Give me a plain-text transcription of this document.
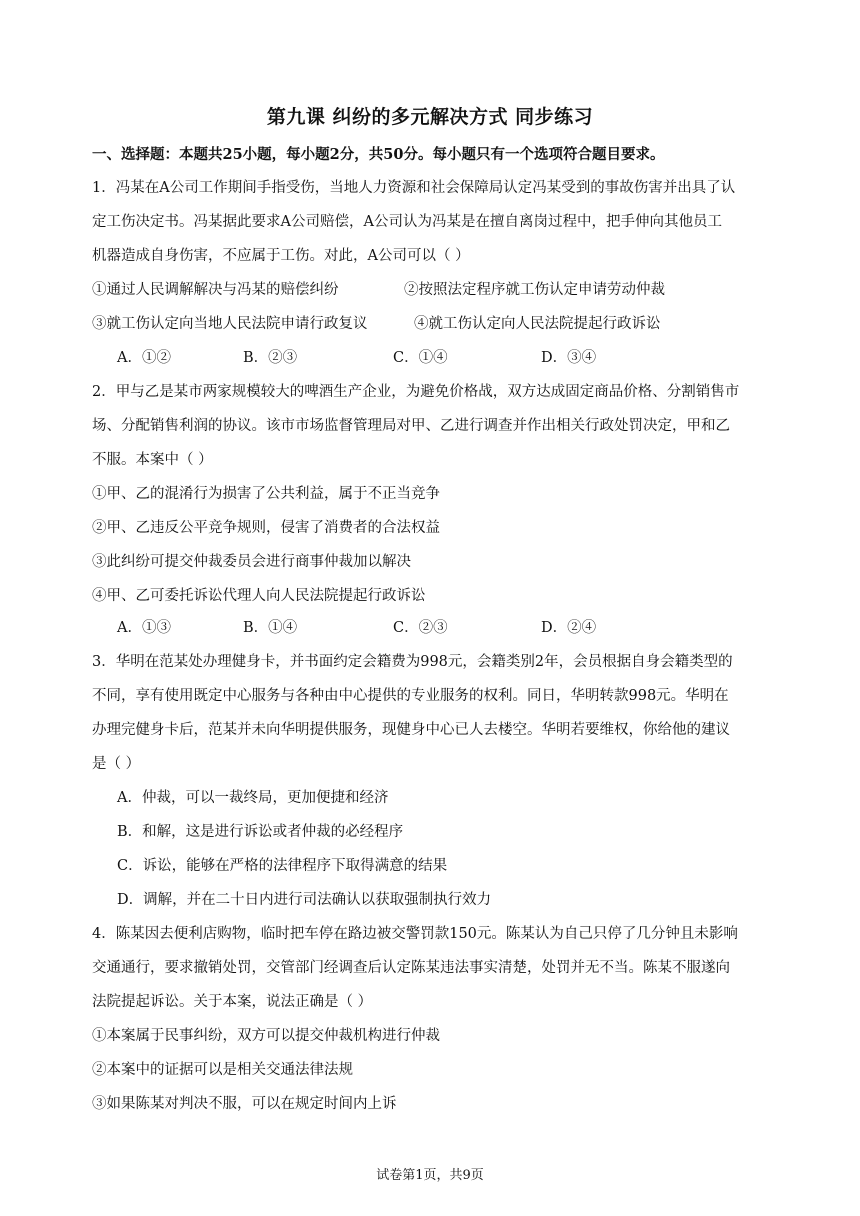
第九课 纠纷的多元解决方式 同步练习
一、选择题：本题共25小题，每小题2分，共50分。每小题只有一个选项符合题目要求。
1．冯某在A公司工作期间手指受伤，当地人力资源和社会保障局认定冯某受到的事故伤害并出具了认
定工伤决定书。冯某据此要求A公司赔偿，A公司认为冯某是在擅自离岗过程中，把手伸向其他员工
机器造成自身伤害，不应属于工伤。对此，A公司可以（ ）
①通过人民调解解决与冯某的赔偿纠纷	②按照法定程序就工伤认定申请劳动仲裁
③就工伤认定向当地人民法院申请行政复议	④就工伤认定向人民法院提起行政诉讼
A．①②	B．②③	C．①④	D．③④
2．甲与乙是某市两家规模较大的啤酒生产企业，为避免价格战，双方达成固定商品价格、分割销售市
场、分配销售利润的协议。该市市场监督管理局对甲、乙进行调查并作出相关行政处罚决定，甲和乙
不服。本案中（ ）
①甲、乙的混淆行为损害了公共利益，属于不正当竞争
②甲、乙违反公平竞争规则，侵害了消费者的合法权益
③此纠纷可提交仲裁委员会进行商事仲裁加以解决
④甲、乙可委托诉讼代理人向人民法院提起行政诉讼
A．①③	B．①④	C．②③	D．②④
3．华明在范某处办理健身卡，并书面约定会籍费为998元，会籍类别2年，会员根据自身会籍类型的
不同，享有使用既定中心服务与各种由中心提供的专业服务的权利。同日，华明转款998元。华明在
办理完健身卡后，范某并未向华明提供服务，现健身中心已人去楼空。华明若要维权，你给他的建议
是（ ）
A．仲裁，可以一裁终局，更加便捷和经济
B．和解，这是进行诉讼或者仲裁的必经程序
C．诉讼，能够在严格的法律程序下取得满意的结果
D．调解，并在二十日内进行司法确认以获取强制执行效力
4．陈某因去便利店购物，临时把车停在路边被交警罚款150元。陈某认为自己只停了几分钟且未影响
交通通行，要求撤销处罚，交管部门经调查后认定陈某违法事实清楚，处罚并无不当。陈某不服遂向
法院提起诉讼。关于本案，说法正确是（ ）
①本案属于民事纠纷，双方可以提交仲裁机构进行仲裁
②本案中的证据可以是相关交通法律法规
③如果陈某对判决不服，可以在规定时间内上诉
试卷第1页，共9页
